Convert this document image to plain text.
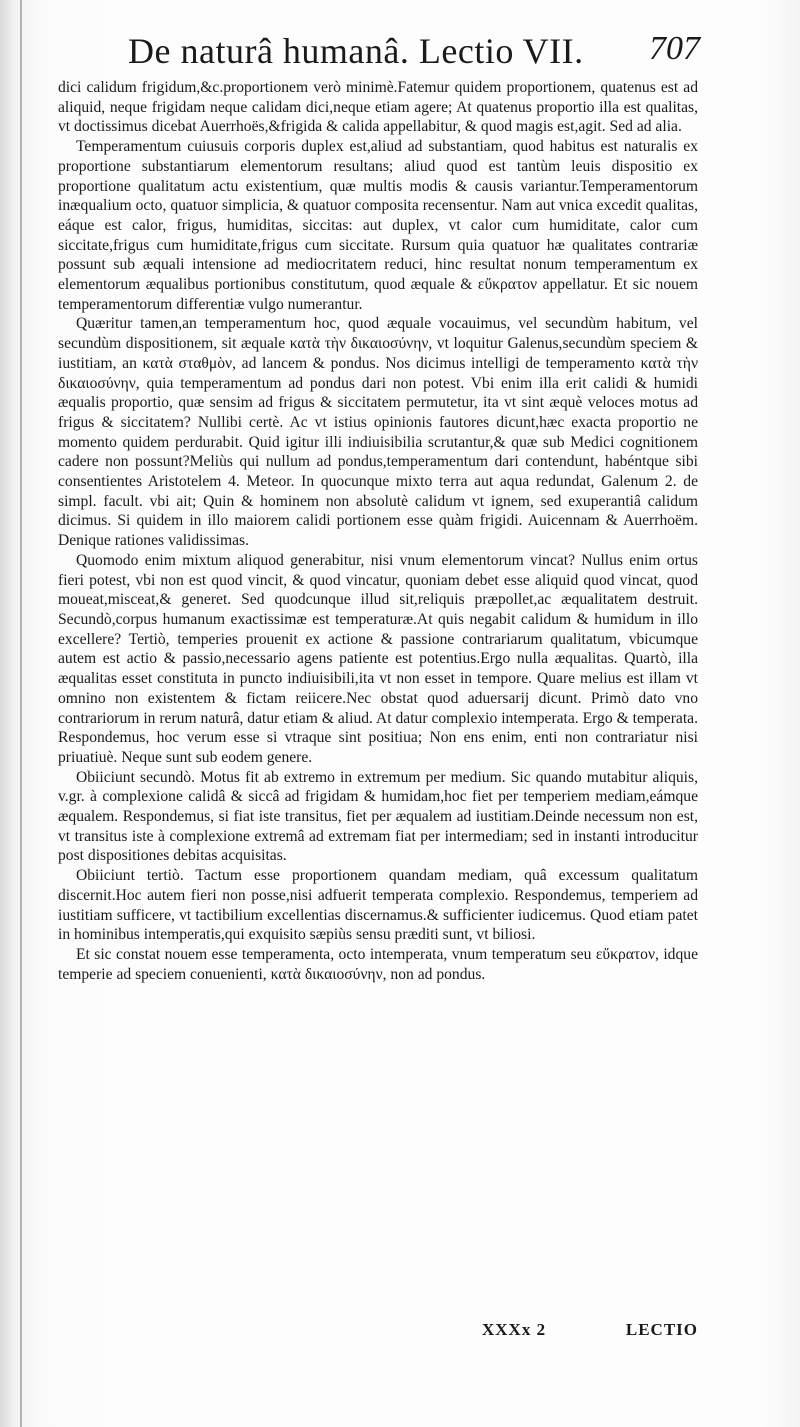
De naturâ humanâ. Lectio VII. 707

dici calidum frigidum,&c.proportionem verò minimè.Fatemur quidem proportionem, quatenus est ad aliquid, neque frigidam neque calidam dici,neque etiam agere; At quatenus proportio illa est qualitas, vt doctissimus dicebat Auerrhoës,&frigida & calida appellabitur, & quod magis est,agit. Sed ad alia.

Temperamentum cuiusuis corporis duplex est,aliud ad substantiam, quod habitus est naturalis ex proportione substantiarum elementorum resultans; aliud quod est tantùm leuis dispositio ex proportione qualitatum actu existentium, quæ multis modis & causis variantur.Temperamentorum inæqualium octo, quatuor simplicia, & quatuor composita recensentur. Nam aut vnica excedit qualitas, eáque est calor, frigus, humiditas, siccitas: aut duplex, vt calor cum humiditate, calor cum siccitate,frigus cum humiditate,frigus cum siccitate. Rursum quia quatuor hæ qualitates contrariæ possunt sub æquali intensione ad mediocritatem reduci, hinc resultat nonum temperamentum ex elementorum æqualibus portionibus constitutum, quod æquale & εὔκρατον appellatur. Et sic nouem temperamentorum differentiæ vulgo numerantur.

Quæritur tamen,an temperamentum hoc, quod æquale vocauimus, vel secundùm habitum, vel secundùm dispositionem, sit æquale κατὰ τὴν δικαιοσύνην, vt loquitur Galenus,secundùm speciem & iustitiam, an κατὰ σταθμὸν, ad lancem & pondus. Nos dicimus intelligi de temperamento κατὰ τὴν δικαιοσύνην, quia temperamentum ad pondus dari non potest. Vbi enim illa erit calidi & humidi æqualis proportio, quæ sensim ad frigus & siccitatem permutetur, ita vt sint æquè veloces motus ad frigus & siccitatem? Nullibi certè. Ac vt istius opinionis fautores dicunt,hæc exacta proportio ne momento quidem perdurabit. Quid igitur illi indiuisibilia scrutantur,& quæ sub Medici cognitionem cadere non possunt?Meliùs qui nullum ad pondus,temperamentum dari contendunt, habéntque sibi consentientes Aristotelem 4. Meteor. In quocunque mixto terra aut aqua redundat, Galenum 2. de simpl. facult. vbi ait; Quin & hominem non absolutè calidum vt ignem, sed exuperantiâ calidum dicimus. Si quidem in illo maiorem calidi portionem esse quàm frigidi. Auicennam & Auerrhoëm. Denique rationes validissimas.

Quomodo enim mixtum aliquod generabitur, nisi vnum elementorum vincat? Nullus enim ortus fieri potest, vbi non est quod vincit, & quod vincatur, quoniam debet esse aliquid quod vincat, quod moueat,misceat,& generet. Sed quodcunque illud sit,reliquis præpollet,ac æqualitatem destruit. Secundò,corpus humanum exactissimæ est temperaturæ.At quis negabit calidum & humidum in illo excellere? Tertiò, temperies prouenit ex actione & passione contrariarum qualitatum, vbicumque autem est actio & passio,necessario agens patiente est potentius.Ergo nulla æqualitas. Quartò, illa æqualitas esset constituta in puncto indiuisibili,ita vt non esset in tempore. Quare melius est illam vt omnino non existentem & fictam reiicere.Nec obstat quod aduersarij dicunt. Primò dato vno contrariorum in rerum naturâ, datur etiam & aliud. At datur complexio intemperata. Ergo & temperata. Respondemus, hoc verum esse si vtraque sint positiua; Non ens enim, enti non contrariatur nisi priuatiuè. Neque sunt sub eodem genere.

Obiiciunt secundò. Motus fit ab extremo in extremum per medium. Sic quando mutabitur aliquis, v.gr. à complexione calidâ & siccâ ad frigidam & humidam,hoc fiet per temperiem mediam,eámque æqualem. Respondemus, si fiat iste transitus, fiet per æqualem ad iustitiam.Deinde necessum non est, vt transitus iste à complexione extremâ ad extremam fiat per intermediam; sed in instanti introducitur post dispositiones debitas acquisitas.

Obiiciunt tertiò. Tactum esse proportionem quandam mediam, quâ excessum qualitatum discernit.Hoc autem fieri non posse,nisi adfuerit temperata complexio. Respondemus, temperiem ad iustitiam sufficere, vt tactibilium excellentias discernamus.& sufficienter iudicemus. Quod etiam patet in hominibus intemperatis,qui exquisito sæpiùs sensu præditi sunt, vt biliosi.

Et sic constat nouem esse temperamenta, octo intemperata, vnum temperatum seu εὔκρατον, idque temperie ad speciem conuenienti, κατὰ δικαιοσύνην, non ad pondus.

XXXx 2	LECTIO
